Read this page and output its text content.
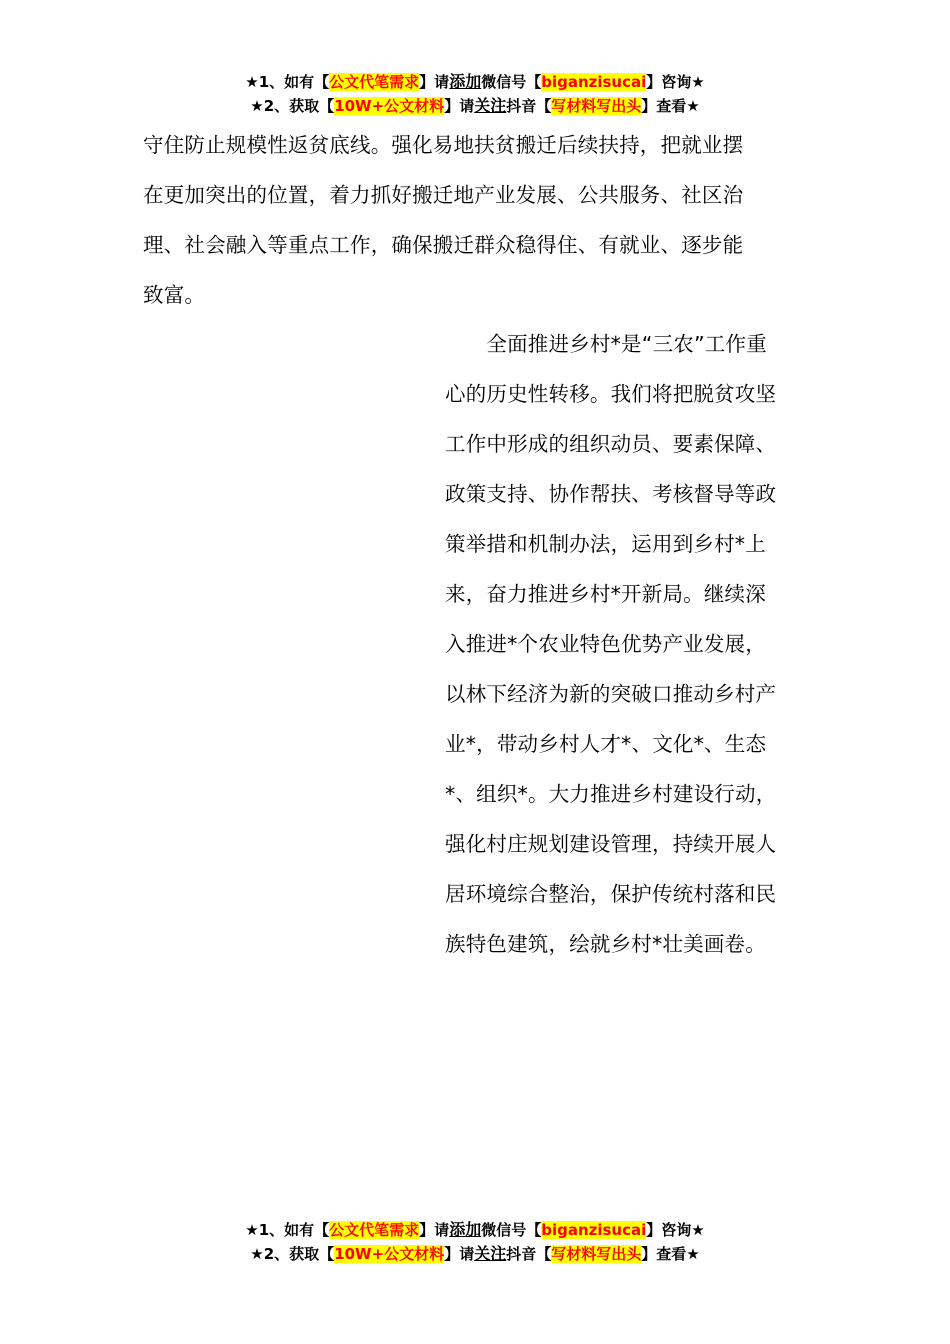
★1、如有【公文代笔需求】请添加微信号【biganzisucai】咨询★
★2、获取【10W+公文材料】请关注抖音【写材料写出头】查看★
守住防止规模性返贫底线。强化易地扶贫搬迁后续扶持，把就业摆
在更加突出的位置，着力抓好搬迁地产业发展、公共服务、社区治
理、社会融入等重点工作，确保搬迁群众稳得住、有就业、逐步能
致富。
　　全面推进乡村*是“三农”工作重
心的历史性转移。我们将把脱贫攻坚
工作中形成的组织动员、要素保障、
政策支持、协作帮扶、考核督导等政
策举措和机制办法，运用到乡村*上
来，奋力推进乡村*开新局。继续深
入推进*个农业特色优势产业发展，
以林下经济为新的突破口推动乡村产
业*，带动乡村人才*、文化*、生态
*、组织*。大力推进乡村建设行动，
强化村庄规划建设管理，持续开展人
居环境综合整治，保护传统村落和民
族特色建筑，绘就乡村*壮美画卷。
★1、如有【公文代笔需求】请添加微信号【biganzisucai】咨询★
★2、获取【10W+公文材料】请关注抖音【写材料写出头】查看★
